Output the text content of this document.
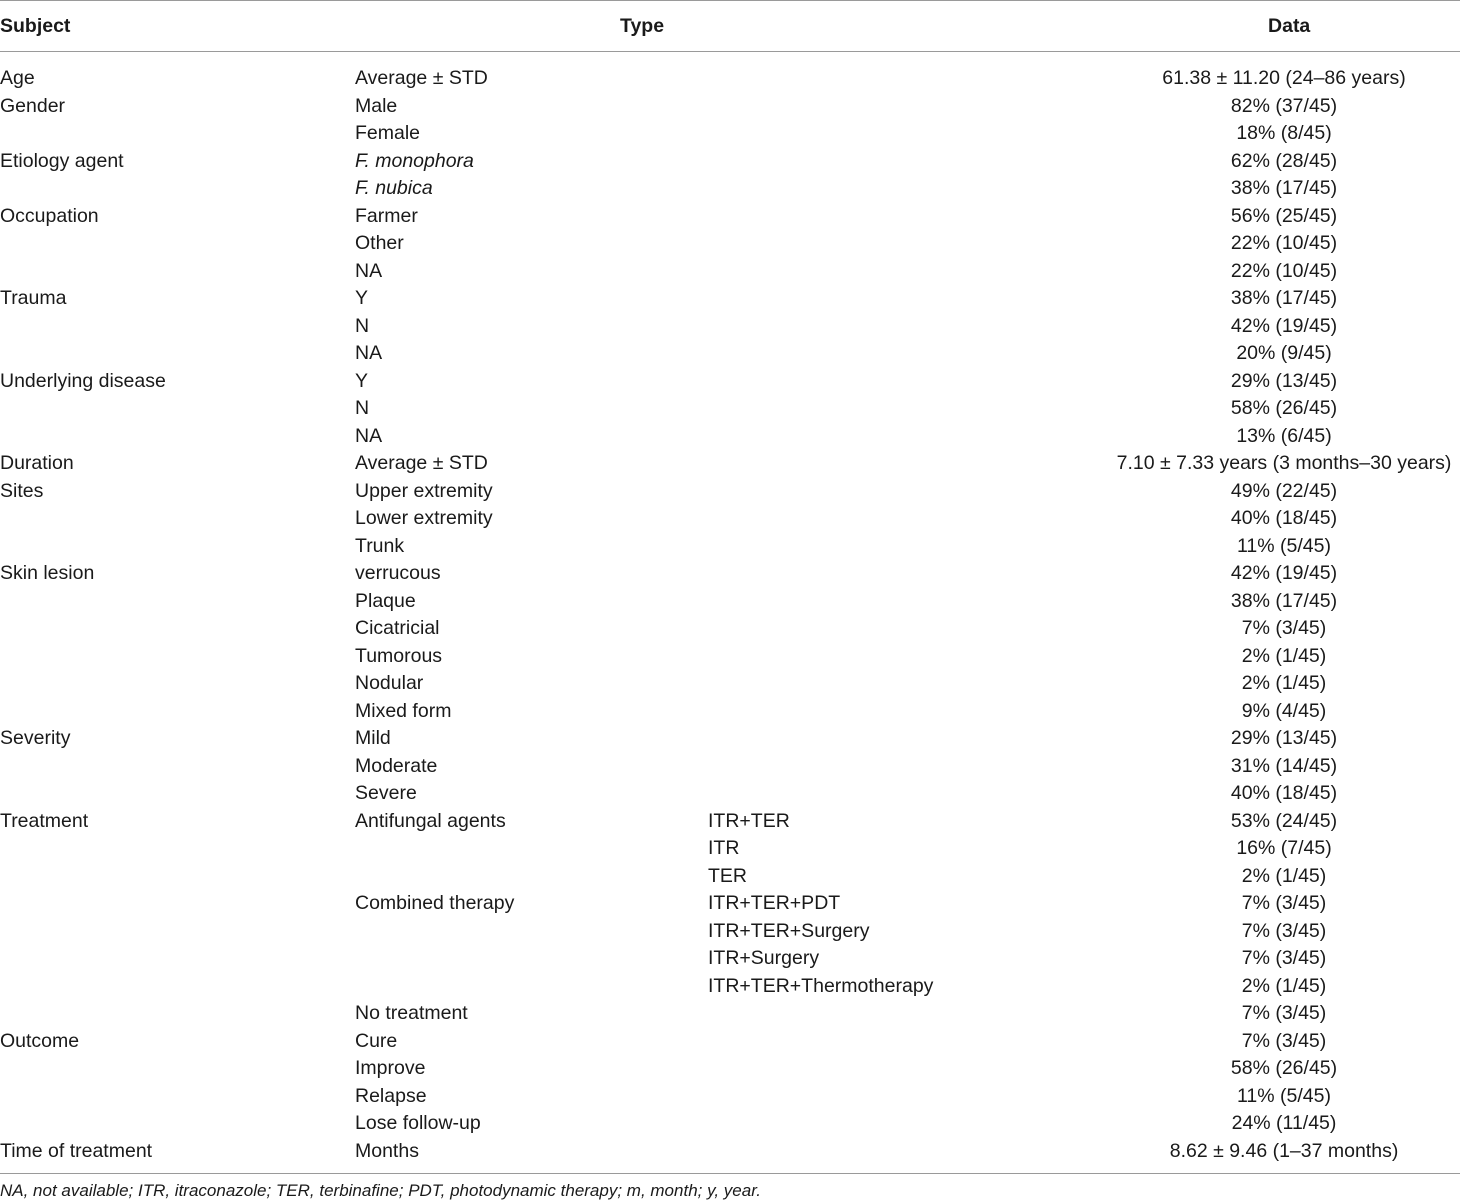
Subject	Type		Data
Age	Average ± STD		61.38 ± 11.20 (24–86 years)
Gender	Male		82% (37/45)
	Female		18% (8/45)
Etiology agent	F. monophora		62% (28/45)
	F. nubica		38% (17/45)
Occupation	Farmer		56% (25/45)
	Other		22% (10/45)
	NA		22% (10/45)
Trauma	Y		38% (17/45)
	N		42% (19/45)
	NA		20% (9/45)
Underlying disease	Y		29% (13/45)
	N		58% (26/45)
	NA		13% (6/45)
Duration	Average ± STD		7.10 ± 7.33 years (3 months–30 years)
Sites	Upper extremity		49% (22/45)
	Lower extremity		40% (18/45)
	Trunk		11% (5/45)
Skin lesion	verrucous		42% (19/45)
	Plaque		38% (17/45)
	Cicatricial		7% (3/45)
	Tumorous		2% (1/45)
	Nodular		2% (1/45)
	Mixed form		9% (4/45)
Severity	Mild		29% (13/45)
	Moderate		31% (14/45)
	Severe		40% (18/45)
Treatment	Antifungal agents	ITR+TER	53% (24/45)
		ITR	16% (7/45)
		TER	2% (1/45)
	Combined therapy	ITR+TER+PDT	7% (3/45)
		ITR+TER+Surgery	7% (3/45)
		ITR+Surgery	7% (3/45)
		ITR+TER+Thermotherapy	2% (1/45)
	No treatment		7% (3/45)
Outcome	Cure		7% (3/45)
	Improve		58% (26/45)
	Relapse		11% (5/45)
	Lose follow-up		24% (11/45)
Time of treatment	Months		8.62 ± 9.46 (1–37 months)
NA, not available; ITR, itraconazole; TER, terbinafine; PDT, photodynamic therapy; m, month; y, year.
